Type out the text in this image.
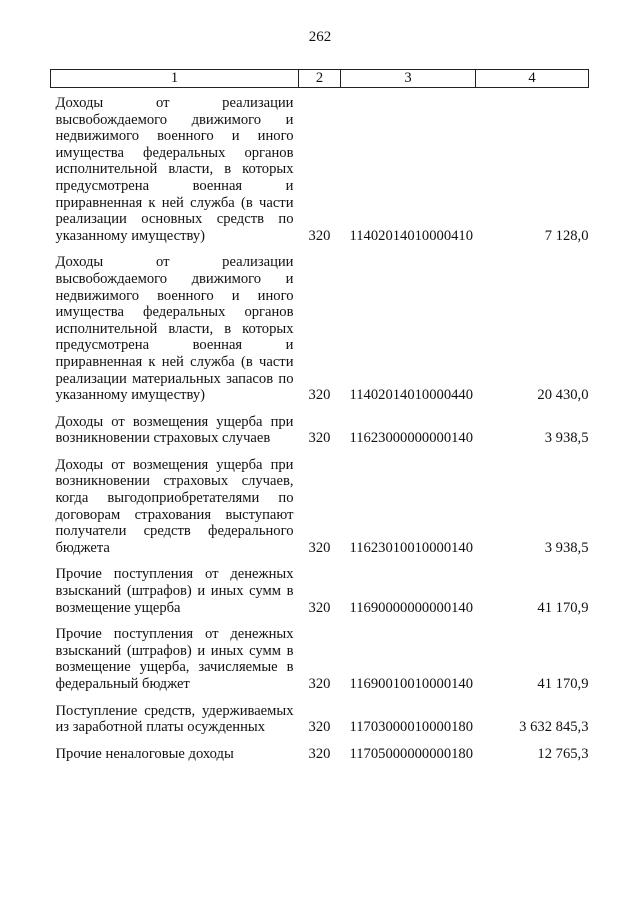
262
1	2	3	4
Доходы от реализации высвобождаемого движимого и недвижимого военного и иного имущества федеральных органов исполнительной власти, в которых предусмотрена военная и приравненная к ней служба (в части реализации основных средств по указанному имуществу)	320	11402014010000410	7 128,0
Доходы от реализации высвобождаемого движимого и недвижимого военного и иного имущества федеральных органов исполнительной власти, в которых предусмотрена военная и приравненная к ней служба (в части реализации материальных запасов по указанному имуществу)	320	11402014010000440	20 430,0
Доходы от возмещения ущерба при возникновении страховых случаев	320	11623000000000140	3 938,5
Доходы от возмещения ущерба при возникновении страховых случаев, когда выгодоприобретателями по договорам страхования выступают получатели средств федерального бюджета	320	11623010010000140	3 938,5
Прочие поступления от денежных взысканий (штрафов) и иных сумм в возмещение ущерба	320	11690000000000140	41 170,9
Прочие поступления от денежных взысканий (штрафов) и иных сумм в возмещение ущерба, зачисляемые в федеральный бюджет	320	11690010010000140	41 170,9
Поступление средств, удерживаемых из заработной платы осужденных	320	11703000010000180	3 632 845,3
Прочие неналоговые доходы	320	11705000000000180	12 765,3
